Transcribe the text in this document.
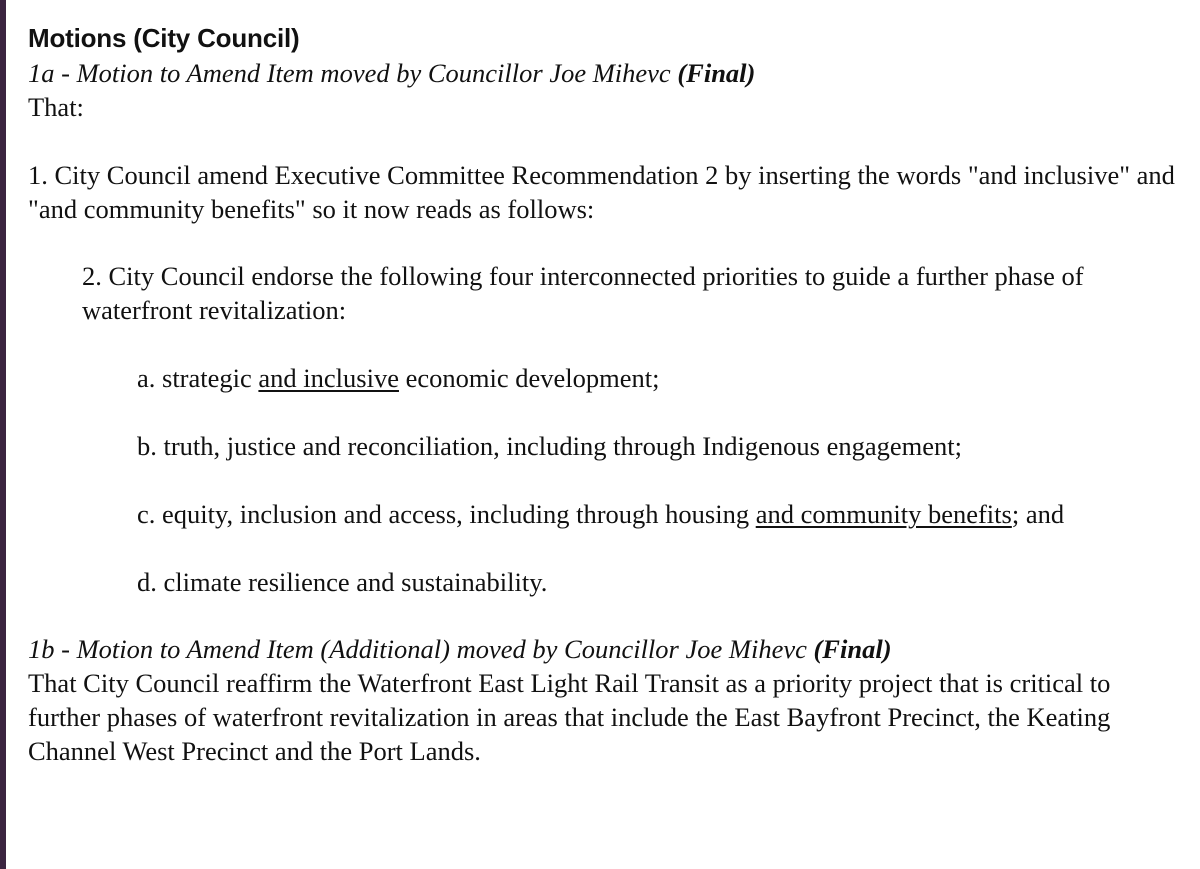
Motions (City Council)

1a - Motion to Amend Item moved by Councillor Joe Mihevc (Final)

That:

1. City Council amend Executive Committee Recommendation 2 by inserting the words "and inclusive" and "and community benefits" so it now reads as follows:

2. City Council endorse the following four interconnected priorities to guide a further phase of waterfront revitalization:

a. strategic and inclusive economic development;

b. truth, justice and reconciliation, including through Indigenous engagement;

c. equity, inclusion and access, including through housing and community benefits; and

d. climate resilience and sustainability.

1b - Motion to Amend Item (Additional) moved by Councillor Joe Mihevc (Final)

That City Council reaffirm the Waterfront East Light Rail Transit as a priority project that is critical to further phases of waterfront revitalization in areas that include the East Bayfront Precinct, the Keating Channel West Precinct and the Port Lands.
